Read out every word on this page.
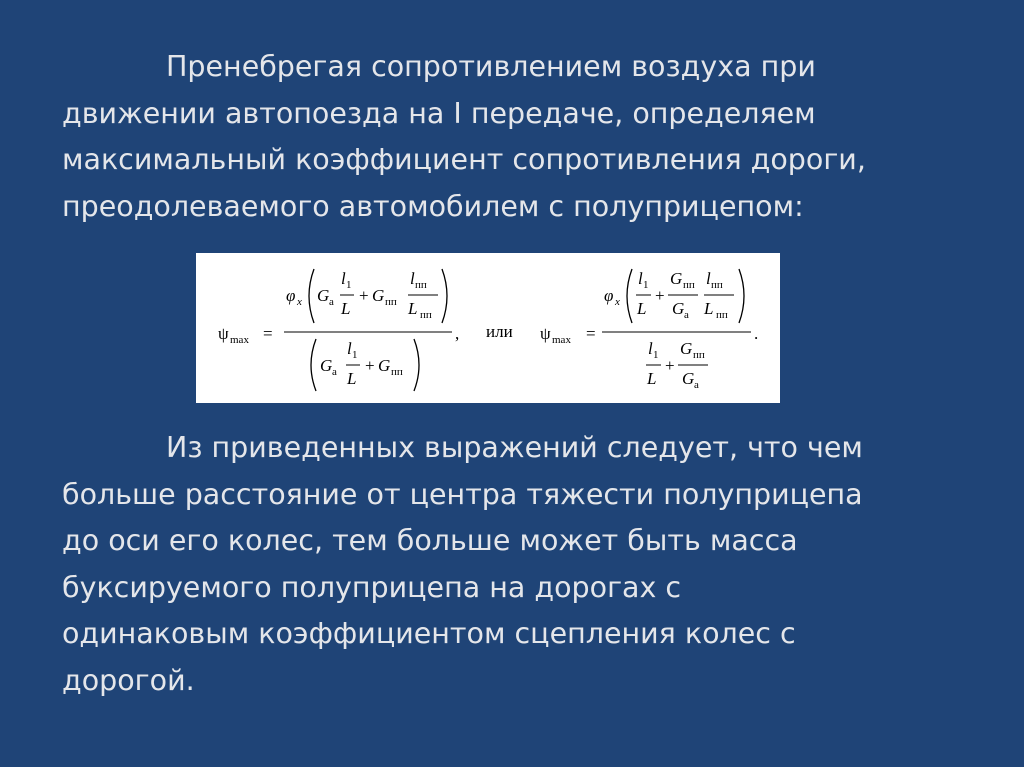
Пренебрегая сопротивлением воздуха при
движении автопоезда на I передаче, определяем
максимальный коэффициент сопротивления дороги,
преодолеваемого автомобилем с полуприцепом:

ψ max =
φ x G а
l 1
L
+ G пп
l пп
L пп
G а
l 1
L
+ G пп
, или ψ max =
φ x
l 1
L
+
G пп
G а
l пп
L пп
l 1
L
+
G пп
G а
.

Из приведенных выражений следует, что чем
больше расстояние от центра тяжести полуприцепа
до оси его колес, тем больше может быть масса
буксируемого полуприцепа на дорогах с
одинаковым коэффициентом сцепления колес с
дорогой.
